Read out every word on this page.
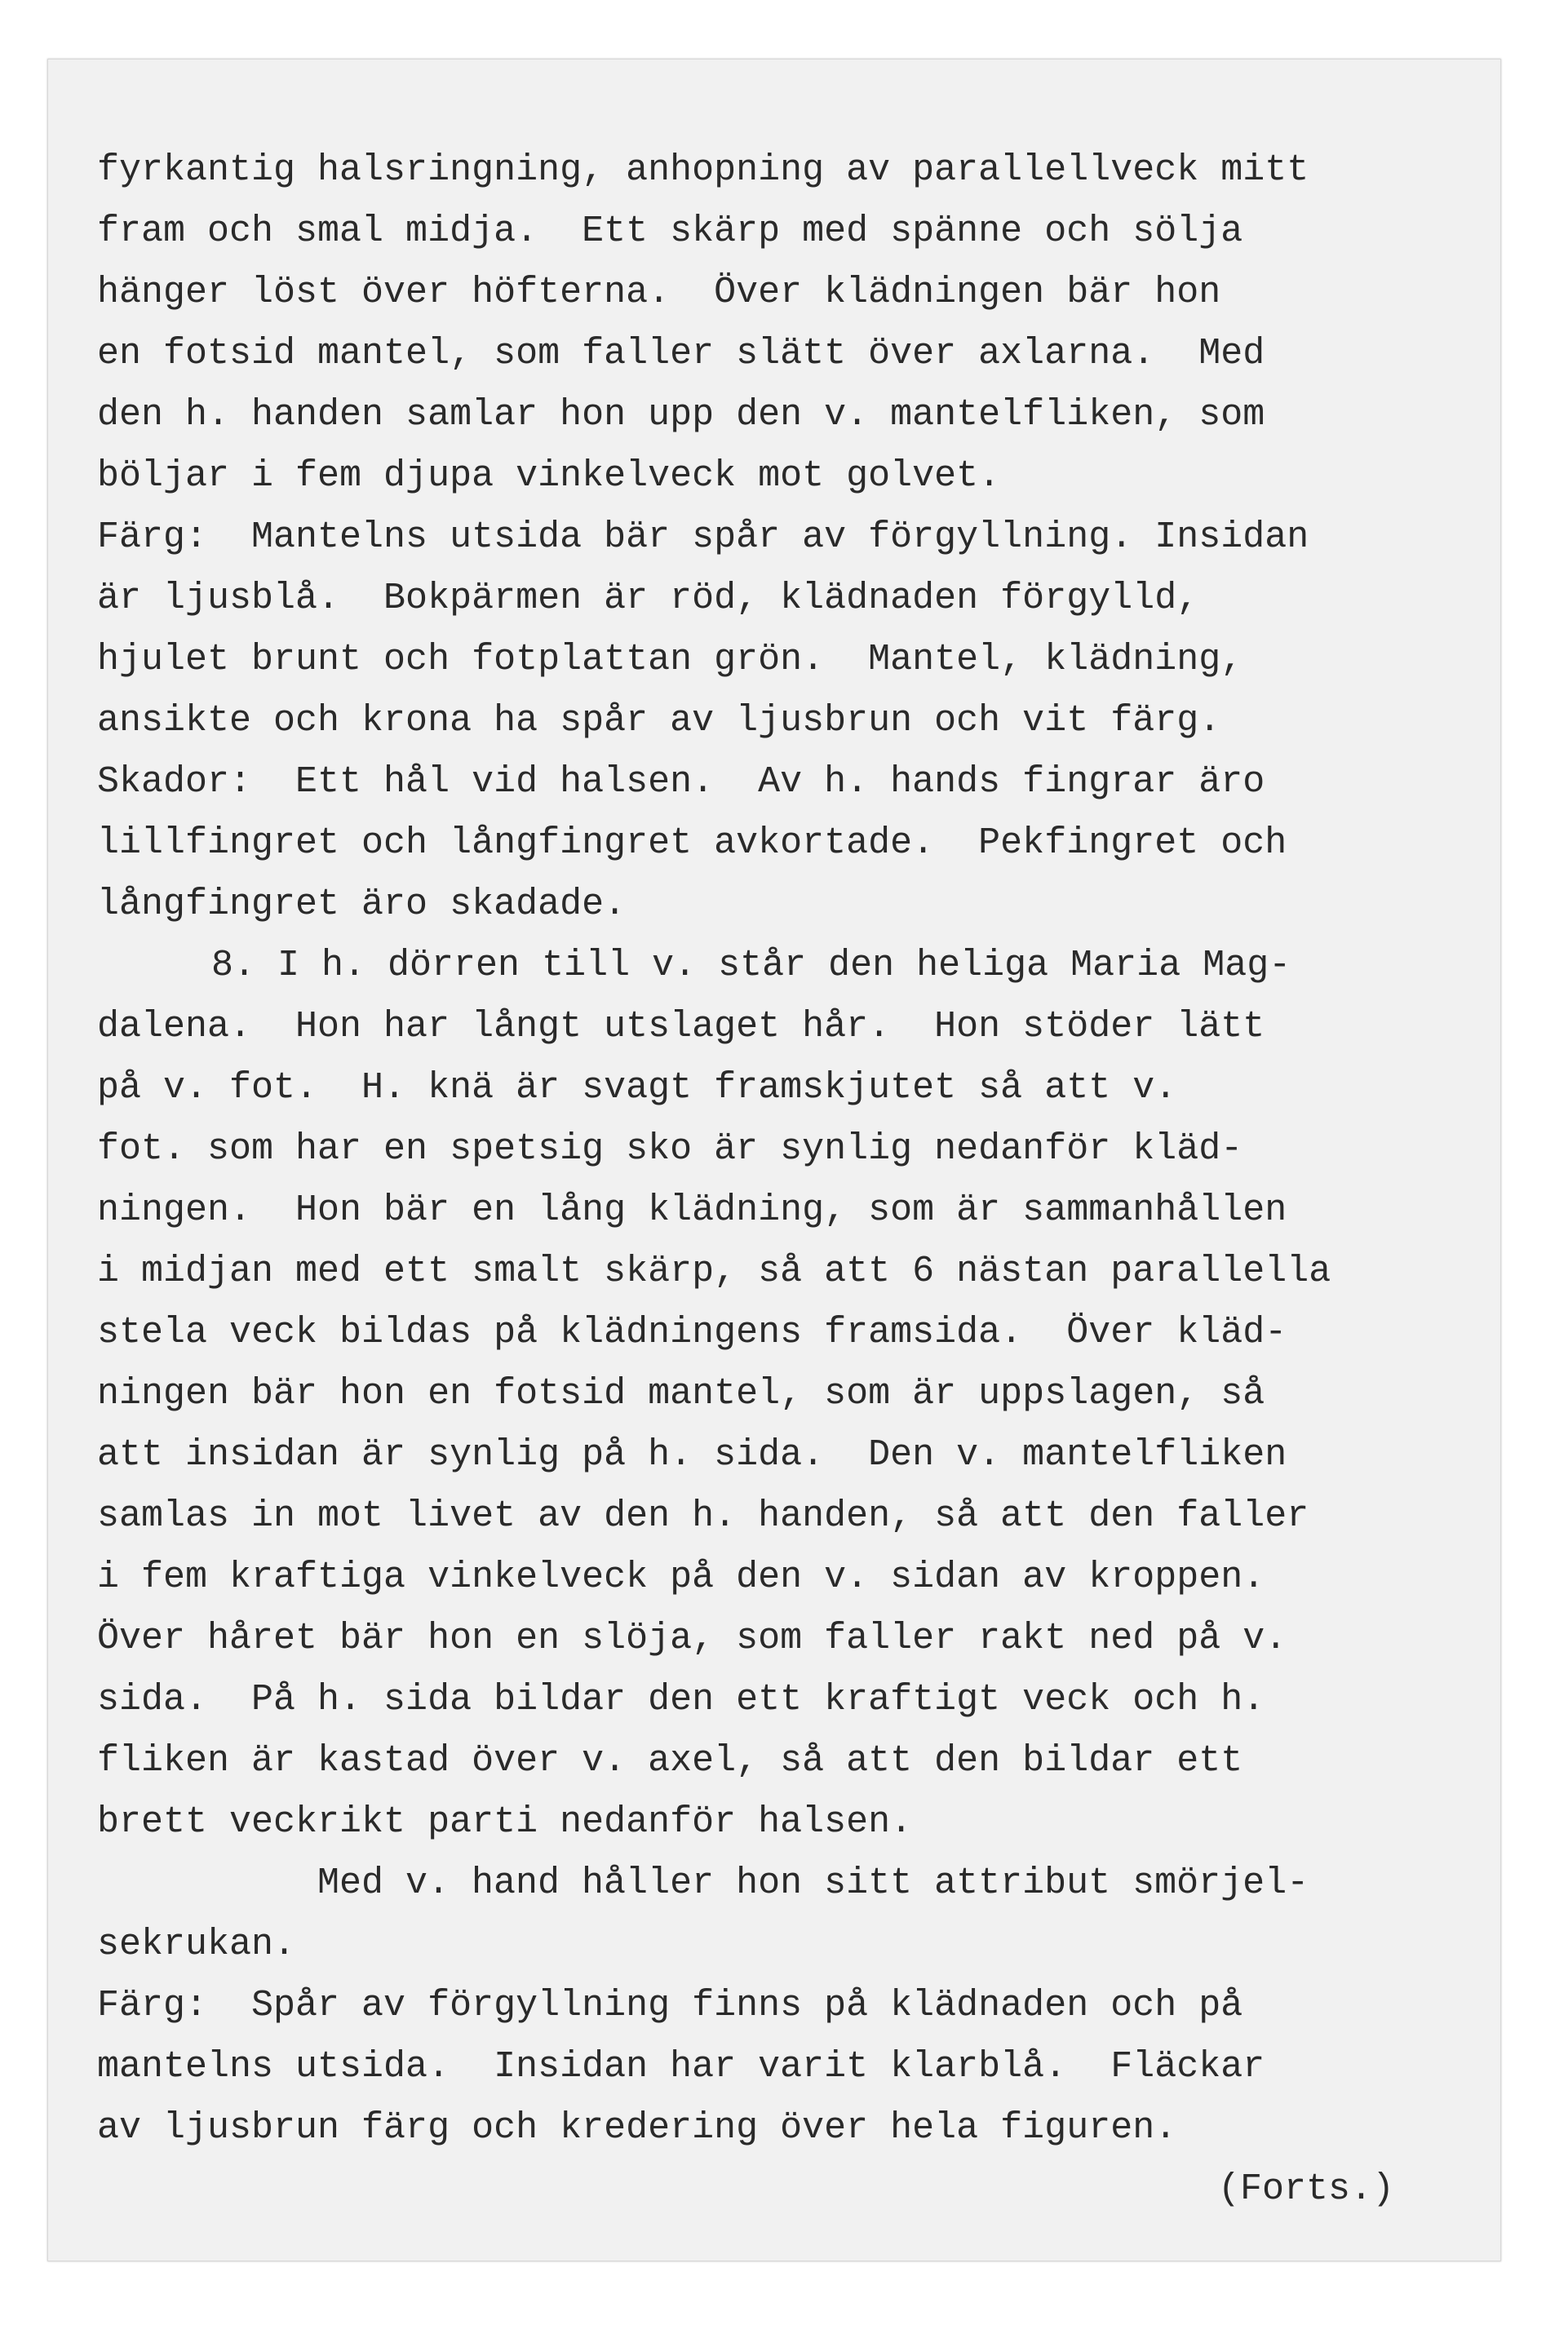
fyrkantig halsringning, anhopning av parallellveck mitt
fram och smal midja.  Ett skärp med spänne och sölja
hänger löst över höfterna.  Över klädningen bär hon
en fotsid mantel, som faller slätt över axlarna.  Med
den h. handen samlar hon upp den v. mantelfliken, som
böljar i fem djupa vinkelveck mot golvet.
Färg:  Mantelns utsida bär spår av förgyllning. Insidan
är ljusblå.  Bokpärmen är röd, klädnaden förgylld,
hjulet brunt och fotplattan grön.  Mantel, klädning,
ansikte och krona ha spår av ljusbrun och vit färg.
Skador:  Ett hål vid halsen.  Av h. hands fingrar äro
lillfingret och långfingret avkortade.  Pekfingret och
långfingret äro skadade.
8. I h. dörren till v. står den heliga Maria Mag-
dalena.  Hon har långt utslaget hår.  Hon stöder lätt
på v. fot.  H. knä är svagt framskjutet så att v.
fot. som har en spetsig sko är synlig nedanför kläd-
ningen.  Hon bär en lång klädning, som är sammanhållen
i midjan med ett smalt skärp, så att 6 nästan parallella
stela veck bildas på klädningens framsida.  Över kläd-
ningen bär hon en fotsid mantel, som är uppslagen, så
att insidan är synlig på h. sida.  Den v. mantelfliken
samlas in mot livet av den h. handen, så att den faller
i fem kraftiga vinkelveck på den v. sidan av kroppen.
Över håret bär hon en slöja, som faller rakt ned på v.
sida.  På h. sida bildar den ett kraftigt veck och h.
fliken är kastad över v. axel, så att den bildar ett
brett veckrikt parti nedanför halsen.
Med v. hand håller hon sitt attribut smörjel-
sekrukan.
Färg:  Spår av förgyllning finns på klädnaden och på
mantelns utsida.  Insidan har varit klarblå.  Fläckar
av ljusbrun färg och kredering över hela figuren.
(Forts.)
